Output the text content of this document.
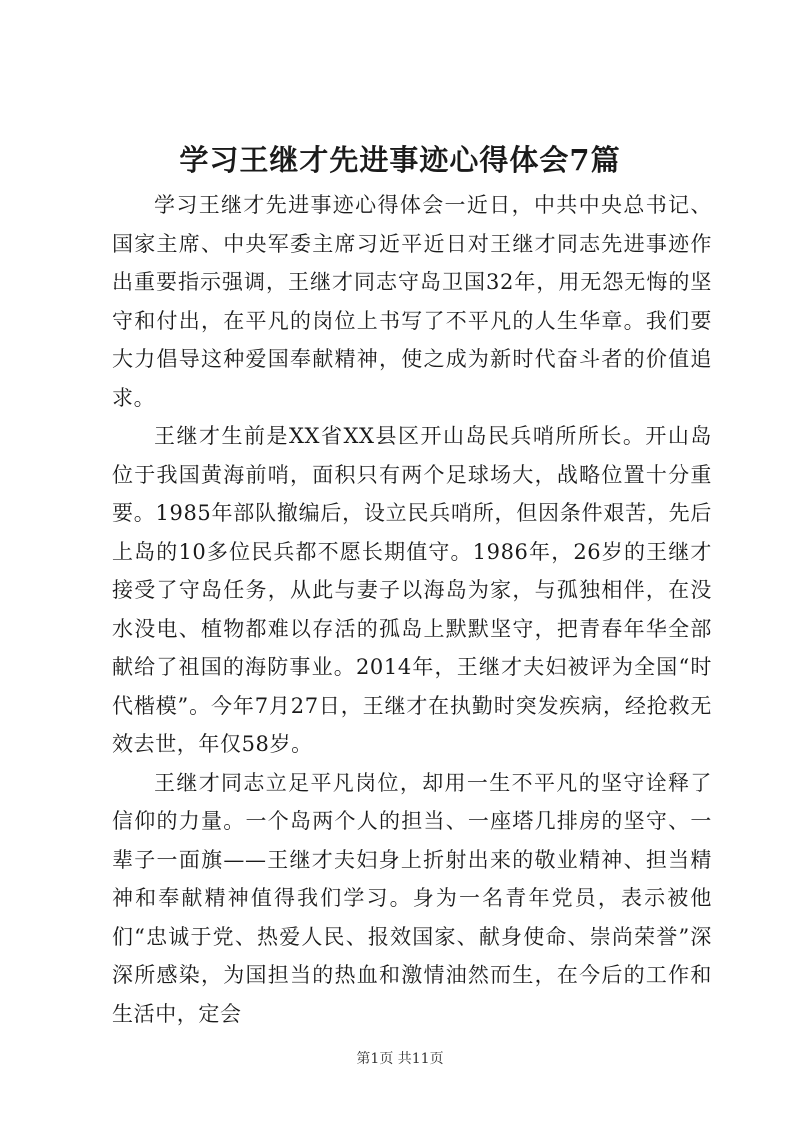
学习王继才先进事迹心得体会7篇

学习王继才先进事迹心得体会一近日，中共中央总书记、国家主席、中央军委主席习近平近日对王继才同志先进事迹作出重要指示强调，王继才同志守岛卫国32年，用无怨无悔的坚守和付出，在平凡的岗位上书写了不平凡的人生华章。我们要大力倡导这种爱国奉献精神，使之成为新时代奋斗者的价值追求。

王继才生前是XX省XX县区开山岛民兵哨所所长。开山岛位于我国黄海前哨，面积只有两个足球场大，战略位置十分重要。1985年部队撤编后，设立民兵哨所，但因条件艰苦，先后上岛的10多位民兵都不愿长期值守。1986年，26岁的王继才接受了守岛任务，从此与妻子以海岛为家，与孤独相伴，在没水没电、植物都难以存活的孤岛上默默坚守，把青春年华全部献给了祖国的海防事业。2014年，王继才夫妇被评为全国“时代楷模”。今年7月27日，王继才在执勤时突发疾病，经抢救无效去世，年仅58岁。

王继才同志立足平凡岗位，却用一生不平凡的坚守诠释了信仰的力量。一个岛两个人的担当、一座塔几排房的坚守、一辈子一面旗——王继才夫妇身上折射出来的敬业精神、担当精神和奉献精神值得我们学习。身为一名青年党员，表示被他们“忠诚于党、热爱人民、报效国家、献身使命、崇尚荣誉”深深所感染，为国担当的热血和激情油然而生，在今后的工作和生活中，定会

第1页 共11页
